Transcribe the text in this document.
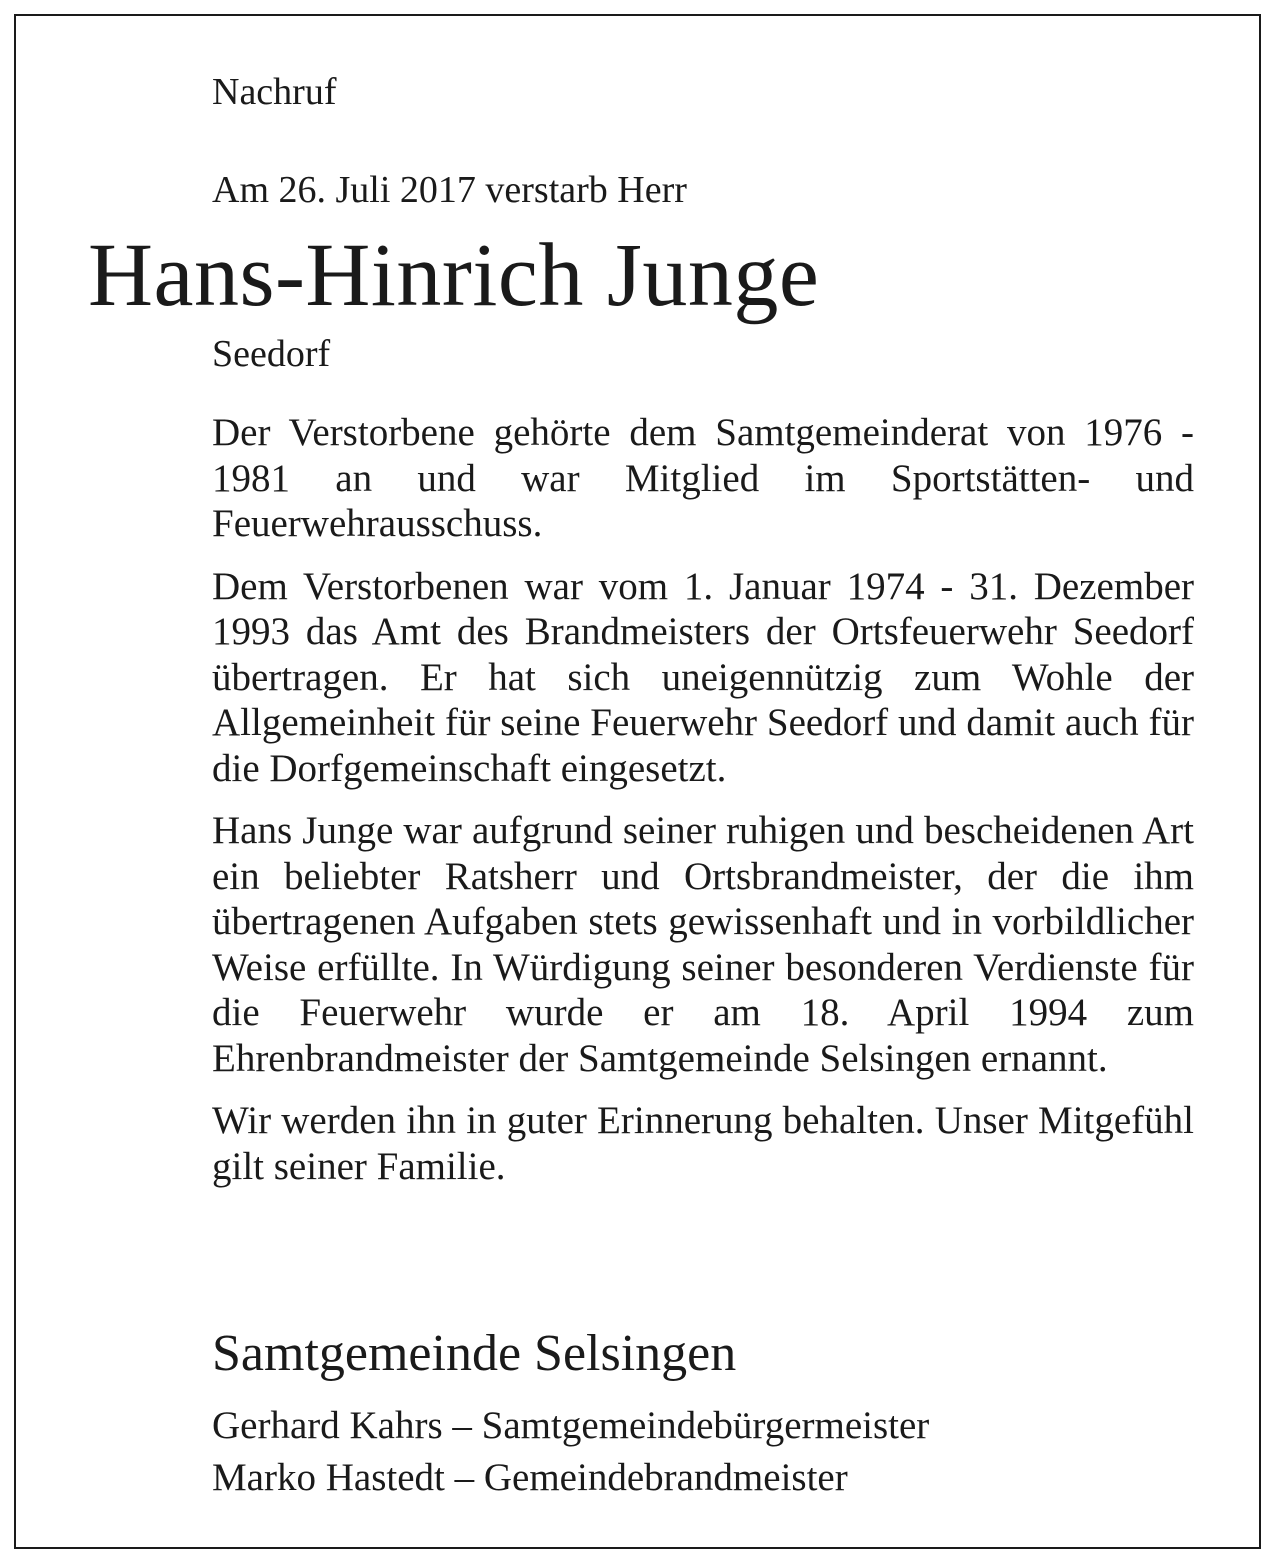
Nachruf
Am 26. Juli 2017 verstarb Herr
Hans-Hinrich Junge
Seedorf

Der Verstorbene gehörte dem Samtgemeinderat von 1976 - 1981 an und war Mitglied im Sportstätten- und Feuerwehrausschuss.

Dem Verstorbenen war vom 1. Januar 1974 - 31. Dezember 1993 das Amt des Brandmeisters der Ortsfeuerwehr Seedorf übertragen. Er hat sich uneigennützig zum Wohle der Allgemeinheit für seine Feuerwehr Seedorf und damit auch für die Dorfgemeinschaft eingesetzt.

Hans Junge war aufgrund seiner ruhigen und bescheidenen Art ein beliebter Ratsherr und Ortsbrandmeister, der die ihm übertragenen Aufgaben stets gewissenhaft und in vorbildlicher Weise erfüllte. In Würdigung seiner besonderen Verdienste für die Feuerwehr wurde er am 18. April 1994 zum Ehrenbrandmeister der Samtgemeinde Selsingen ernannt.

Wir werden ihn in guter Erinnerung behalten. Unser Mitgefühl gilt seiner Familie.

Samtgemeinde Selsingen
Gerhard Kahrs – Samtgemeindebürgermeister
Marko Hastedt – Gemeindebrandmeister
